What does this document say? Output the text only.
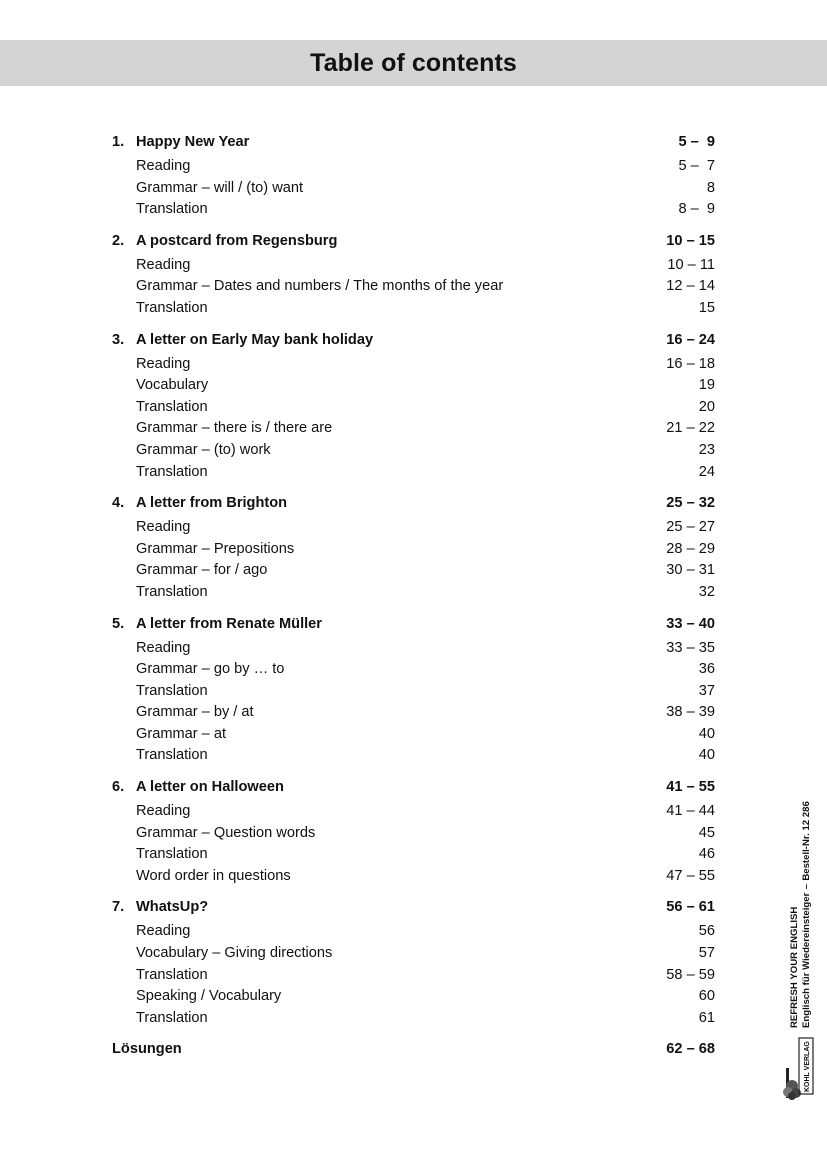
Table of contents
1. Happy New Year	5 –  9
Reading	5 –  7
Grammar – will / (to) want	8
Translation	8 –  9
2. A postcard from Regensburg	10 – 15
Reading	10 – 11
Grammar – Dates and numbers / The months of the year	12 – 14
Translation	15
3. A letter on Early May bank holiday	16 – 24
Reading	16 – 18
Vocabulary	19
Translation	20
Grammar – there is / there are	21 – 22
Grammar – (to) work	23
Translation	24
4. A letter from Brighton	25 – 32
Reading	25 – 27
Grammar – Prepositions	28 – 29
Grammar – for / ago	30 – 31
Translation	32
5. A letter from Renate Müller	33 – 40
Reading	33 – 35
Grammar – go by … to	36
Translation	37
Grammar – by / at	38 – 39
Grammar – at	40
Translation	40
6. A letter on Halloween	41 – 55
Reading	41 – 44
Grammar – Question words	45
Translation	46
Word order in questions	47 – 55
7. WhatsUp?	56 – 61
Reading	56
Vocabulary – Giving directions	57
Translation	58 – 59
Speaking / Vocabulary	60
Translation	61
Lösungen	62 – 68
REFRESH YOUR ENGLISH Englisch für Wiedereinsteiger
–
Bestell-Nr. 12 286
KOHL VERLAG
